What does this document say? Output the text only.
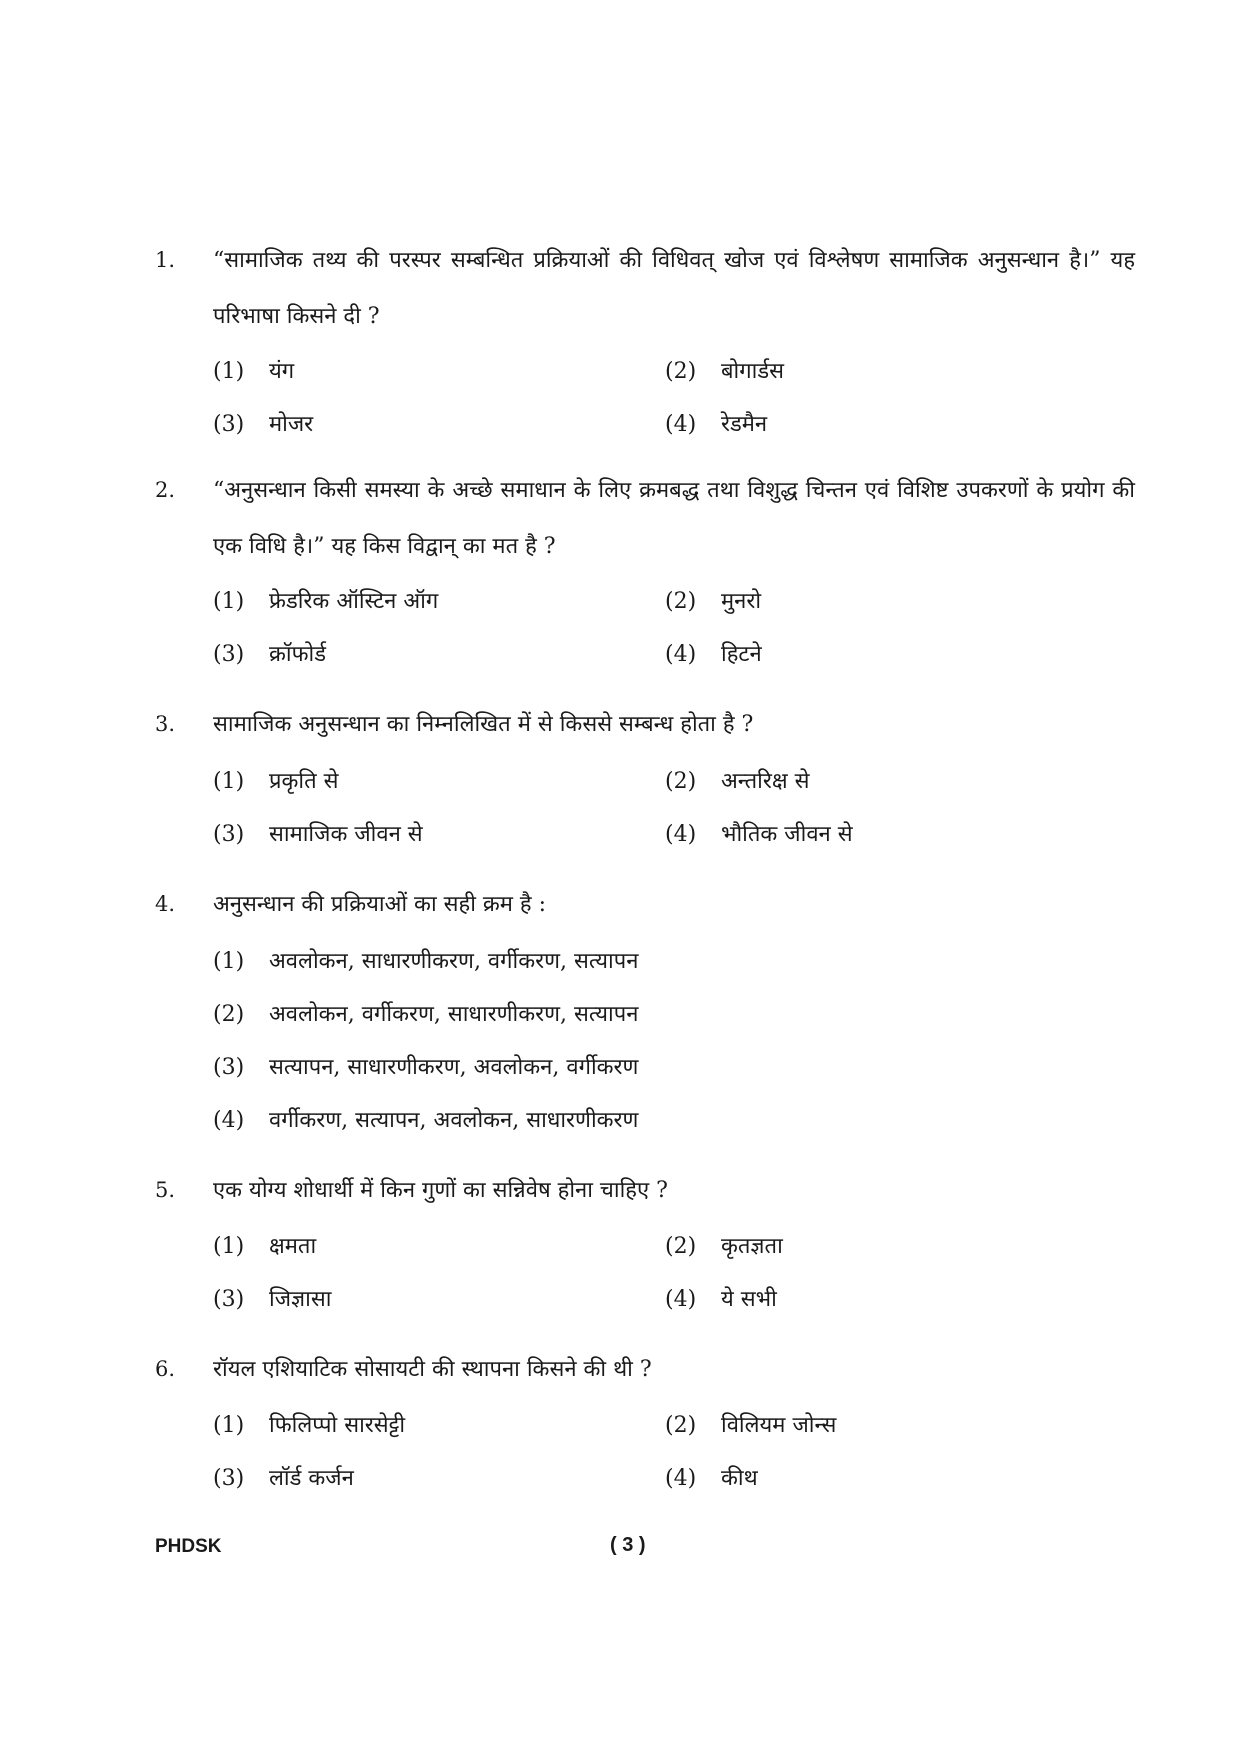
1. “सामाजिक तथ्य की परस्पर सम्बन्धित प्रक्रियाओं की विधिवत् खोज एवं विश्लेषण सामाजिक अनुसन्धान है।” यह परिभाषा किसने दी ?
(1) यंग	(2) बोगार्डस
(3) मोजर	(4) रेडमैन
2. “अनुसन्धान किसी समस्या के अच्छे समाधान के लिए क्रमबद्ध तथा विशुद्ध चिन्तन एवं विशिष्ट उपकरणों के प्रयोग की एक विधि है।” यह किस विद्वान् का मत है ?
(1) फ्रेडरिक ऑस्टिन ऑग	(2) मुनरो
(3) क्रॉफोर्ड	(4) हिटने
3. सामाजिक अनुसन्धान का निम्नलिखित में से किससे सम्बन्ध होता है ?
(1) प्रकृति से	(2) अन्तरिक्ष से
(3) सामाजिक जीवन से	(4) भौतिक जीवन से
4. अनुसन्धान की प्रक्रियाओं का सही क्रम है :
(1) अवलोकन, साधारणीकरण, वर्गीकरण, सत्यापन
(2) अवलोकन, वर्गीकरण, साधारणीकरण, सत्यापन
(3) सत्यापन, साधारणीकरण, अवलोकन, वर्गीकरण
(4) वर्गीकरण, सत्यापन, अवलोकन, साधारणीकरण
5. एक योग्य शोधार्थी में किन गुणों का सन्निवेष होना चाहिए ?
(1) क्षमता	(2) कृतज्ञता
(3) जिज्ञासा	(4) ये सभी
6. रॉयल एशियाटिक सोसायटी की स्थापना किसने की थी ?
(1) फिलिप्पो सारसेट्टी	(2) विलियम जोन्स
(3) लॉर्ड कर्जन	(4) कीथ
PHDSK	( 3 )
